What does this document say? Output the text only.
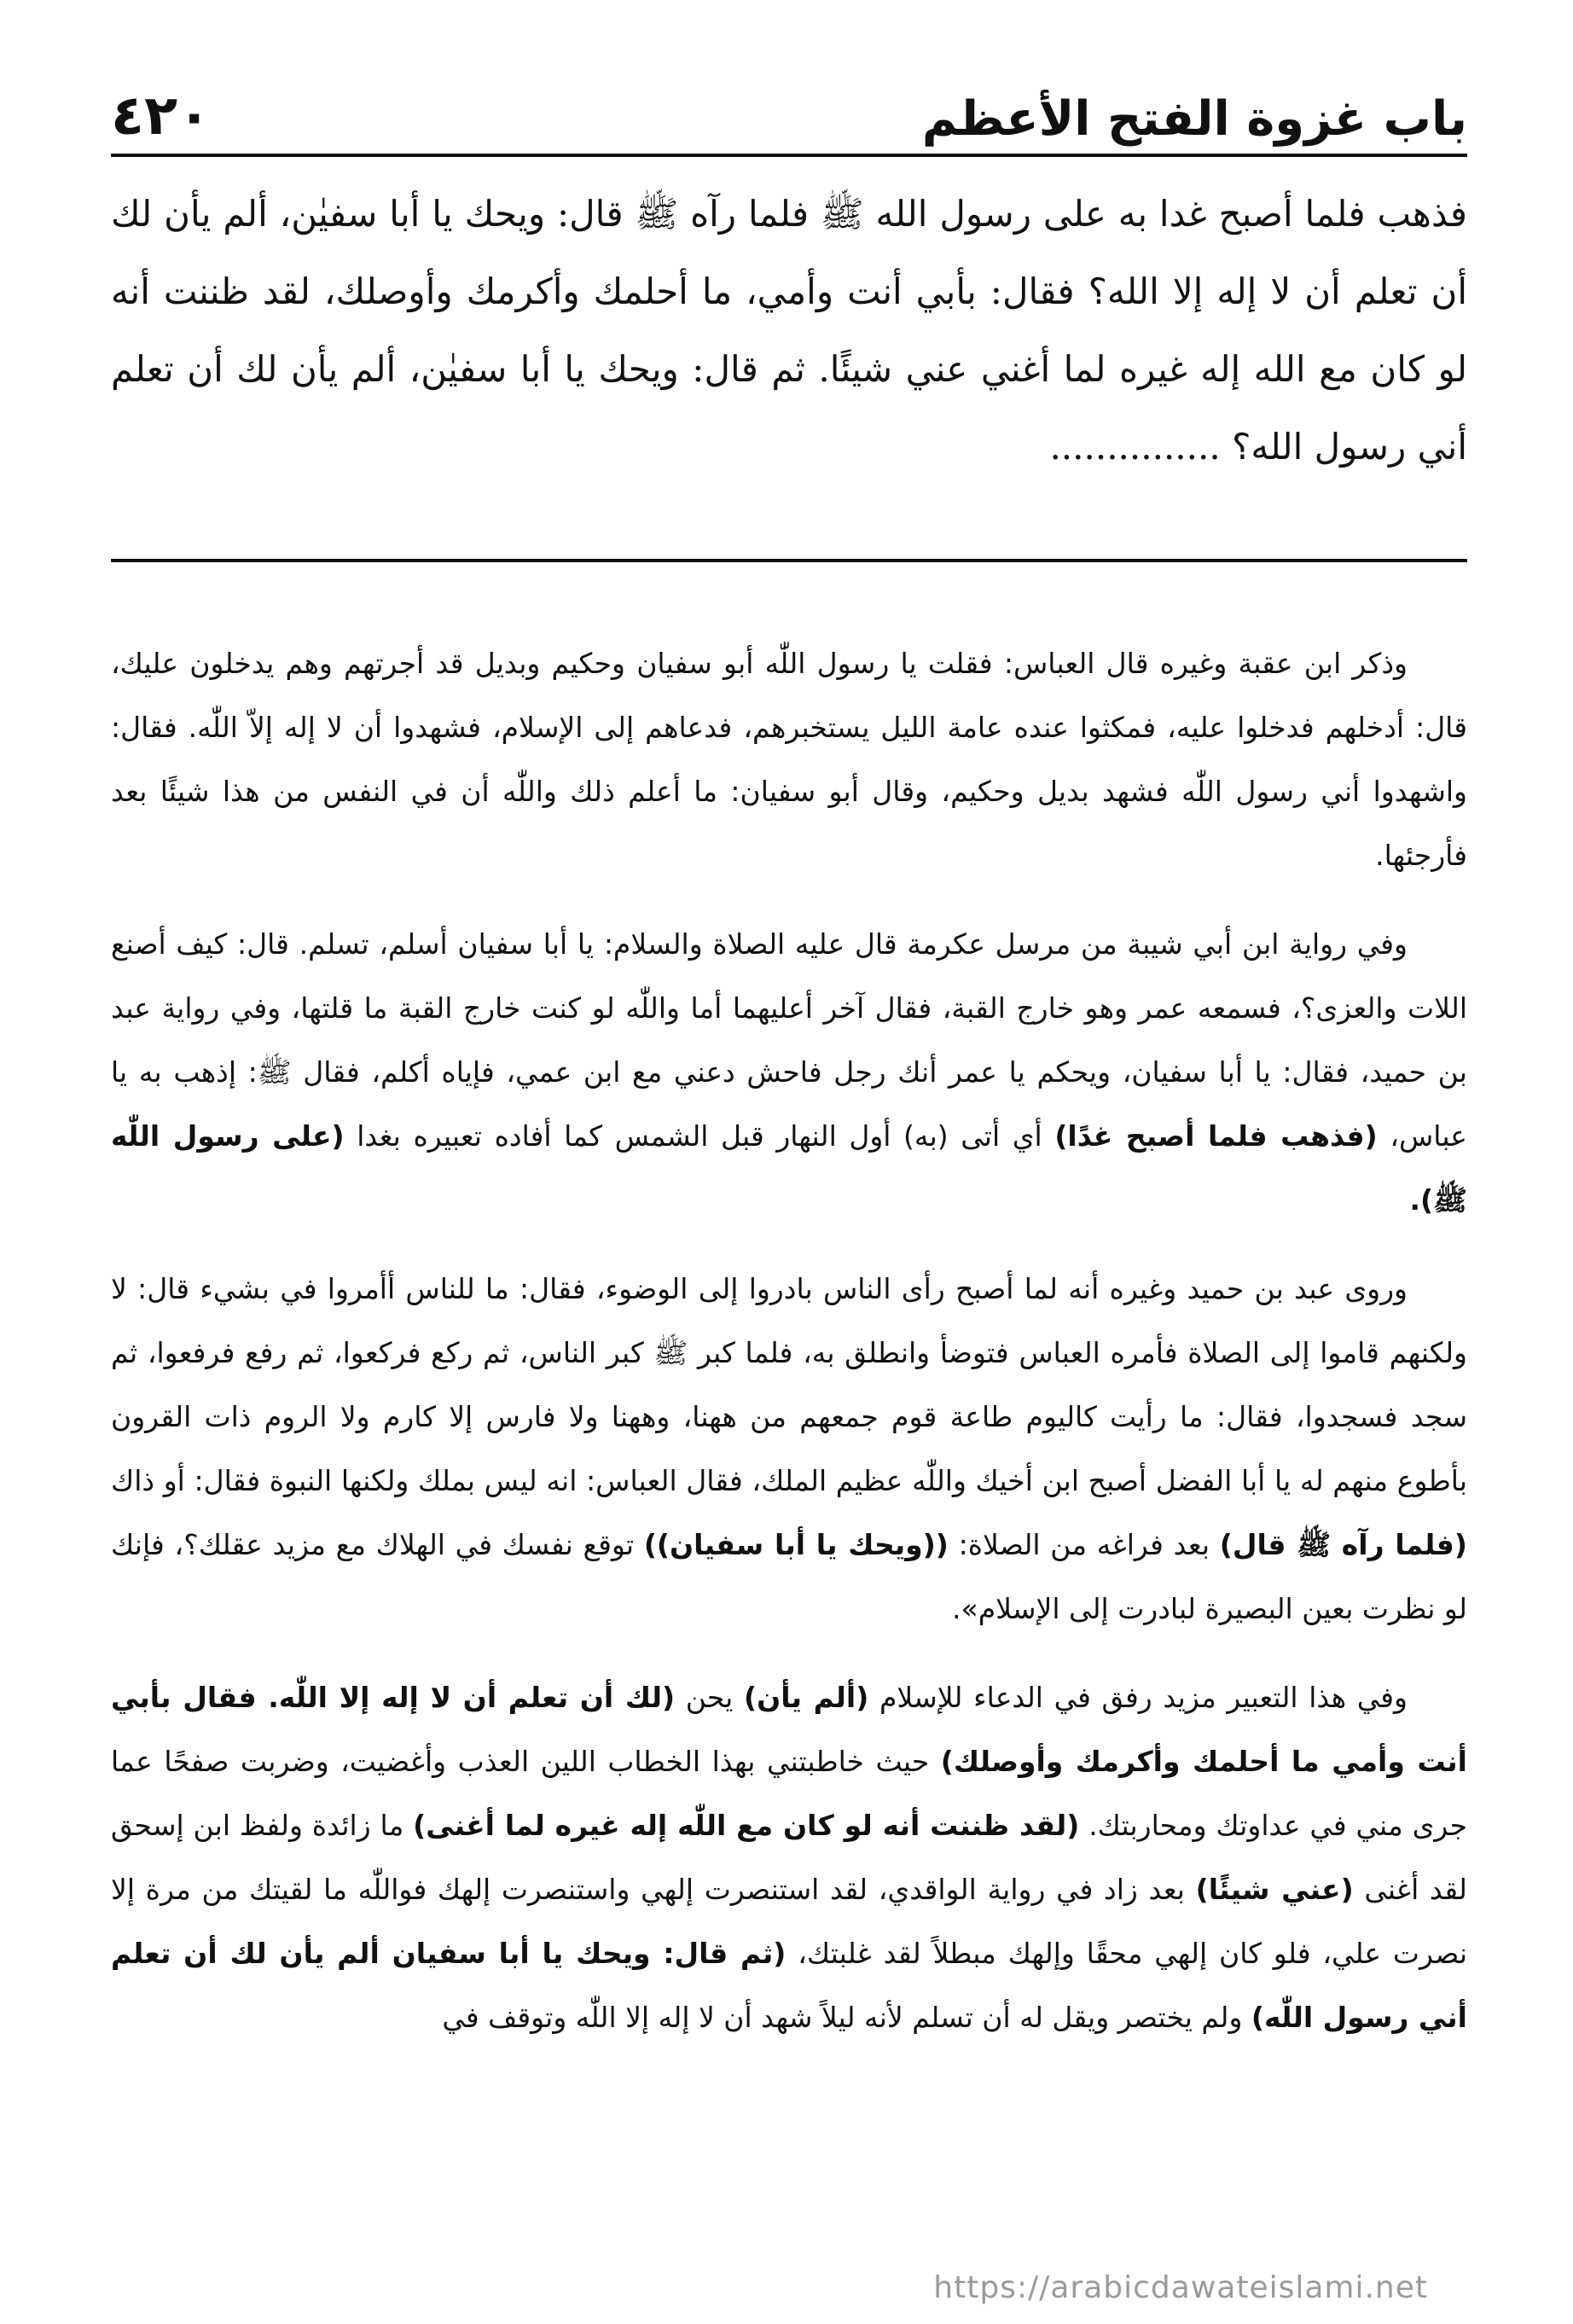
باب غزوة الفتح الأعظم
٤٢٠
فذهب فلما أصبح غدا به على رسول الله ﷺ فلما رآه ﷺ قال: ويحك يا أبا سفيٰن، ألم يأن لك أن تعلم أن لا إله إلا الله؟ فقال: بأبي أنت وأمي، ما أحلمك وأكرمك وأوصلك، لقد ظننت أنه لو كان مع الله إله غيره لما أغني عني شيئًا. ثم قال: ويحك يا أبا سفيٰن، ألم يأن لك أن تعلم أني رسول الله؟ ...............

وذكر ابن عقبة وغيره قال العباس: فقلت يا رسول اللّٰه أبو سفيان وحكيم وبديل قد أجرتهم وهم يدخلون عليك، قال: أدخلهم فدخلوا عليه، فمكثوا عنده عامة الليل يستخبرهم، فدعاهم إلى الإسلام، فشهدوا أن لا إله إلاّ اللّٰه. فقال: واشهدوا أني رسول اللّٰه فشهد بديل وحكيم، وقال أبو سفيان: ما أعلم ذلك واللّٰه أن في النفس من هذا شيئًا بعد فأرجئها.

وفي رواية ابن أبي شيبة من مرسل عكرمة قال عليه الصلاة والسلام: يا أبا سفيان أسلم، تسلم. قال: كيف أصنع اللات والعزى؟، فسمعه عمر وهو خارج القبة، فقال آخر أعليهما أما واللّٰه لو كنت خارج القبة ما قلتها، وفي رواية عبد بن حميد، فقال: يا أبا سفيان، ويحكم يا عمر أنك رجل فاحش دعني مع ابن عمي، فإياه أكلم، فقال ﷺ: إذهب به يا عباس، (فذهب فلما أصبح غدًا) أي أتى (به) أول النهار قبل الشمس كما أفاده تعبيره بغدا (على رسول اللّٰه ﷺ).

وروى عبد بن حميد وغيره أنه لما أصبح رأى الناس بادروا إلى الوضوء، فقال: ما للناس أأمروا في بشيء قال: لا ولكنهم قاموا إلى الصلاة فأمره العباس فتوضأ وانطلق به، فلما كبر ﷺ كبر الناس، ثم ركع فركعوا، ثم رفع فرفعوا، ثم سجد فسجدوا، فقال: ما رأيت كاليوم طاعة قوم جمعهم من ههنا، وههنا ولا فارس إلا كارم ولا الروم ذات القرون بأطوع منهم له يا أبا الفضل أصبح ابن أخيك واللّٰه عظيم الملك، فقال العباس: انه ليس بملك ولكنها النبوة فقال: أو ذاك (فلما رآه ﷺ قال) بعد فراغه من الصلاة: ((ويحك يا أبا سفيان)) توقع نفسك في الهلاك مع مزيد عقلك؟، فإنك لو نظرت بعين البصيرة لبادرت إلى الإسلام».

وفي هذا التعبير مزيد رفق في الدعاء للإسلام (ألم يأن) يحن (لك أن تعلم أن لا إله إلا اللّٰه. فقال بأبي أنت وأمي ما أحلمك وأكرمك وأوصلك) حيث خاطبتني بهذا الخطاب اللين العذب وأغضيت، وضربت صفحًا عما جرى مني في عداوتك ومحاربتك. (لقد ظننت أنه لو كان مع اللّٰه إله غيره لما أغنى) ما زائدة ولفظ ابن إسحق لقد أغنى (عني شيئًا) بعد زاد في رواية الواقدي، لقد استنصرت إلهي واستنصرت إلهك فواللّٰه ما لقيتك من مرة إلا نصرت علي، فلو كان إلهي محقًا وإلهك مبطلاً لقد غلبتك، (ثم قال: ويحك يا أبا سفيان ألم يأن لك أن تعلم أني رسول اللّٰه) ولم يختصر ويقل له أن تسلم لأنه ليلاً شهد أن لا إله إلا اللّٰه وتوقف في

https://arabicdawateislami.net
